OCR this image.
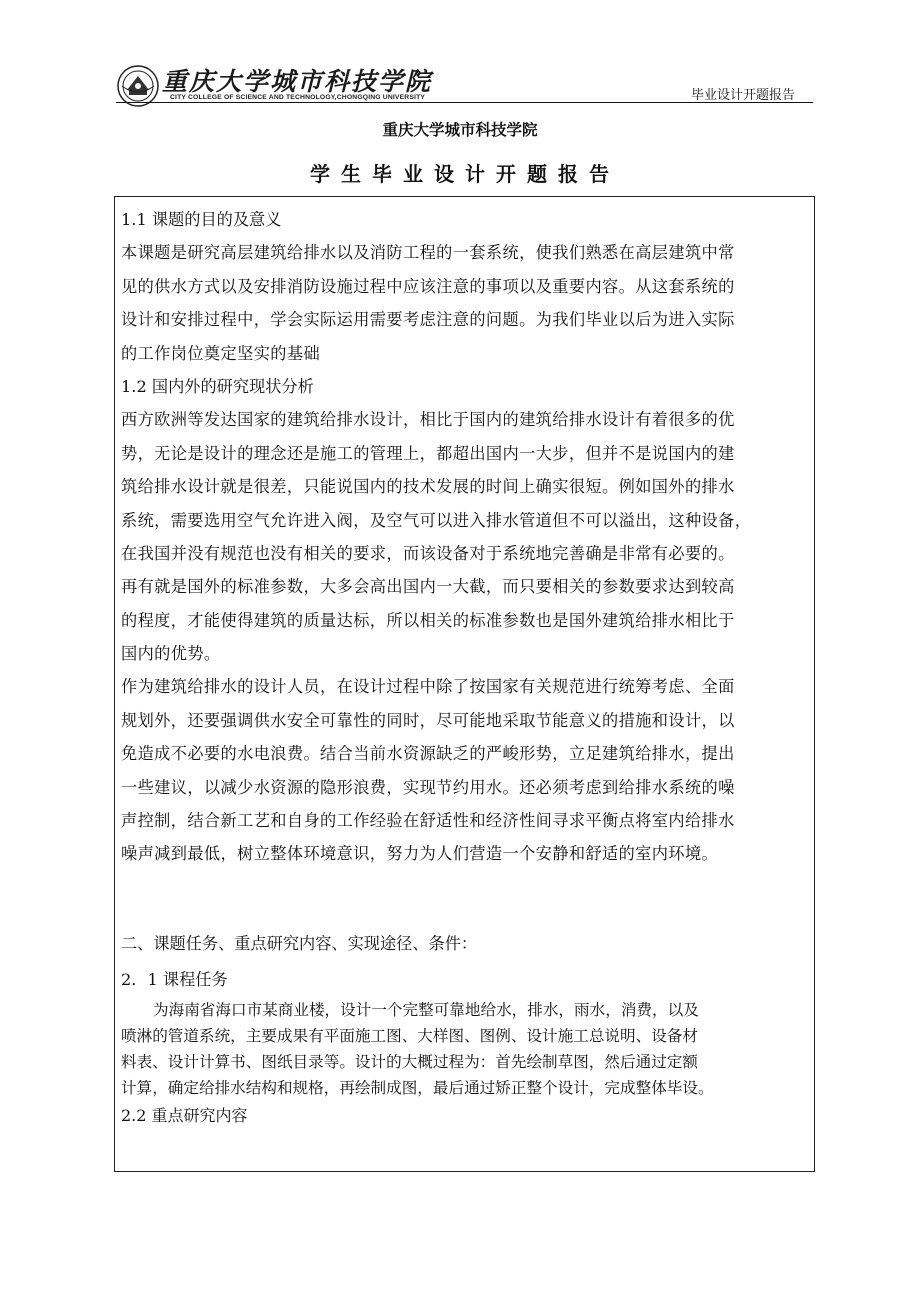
重庆大学城市科技学院
CITY COLLEGE OF SCIENCE AND TECHNOLOGY,CHONGQING UNIVERSITY	毕业设计开题报告
重庆大学城市科技学院
学生毕业设计开题报告
1.1 课题的目的及意义
本课题是研究高层建筑给排水以及消防工程的一套系统，使我们熟悉在高层建筑中常
见的供水方式以及安排消防设施过程中应该注意的事项以及重要内容。从这套系统的
设计和安排过程中，学会实际运用需要考虑注意的问题。为我们毕业以后为进入实际
的工作岗位奠定坚实的基础
1.2 国内外的研究现状分析
西方欧洲等发达国家的建筑给排水设计，相比于国内的建筑给排水设计有着很多的优
势，无论是设计的理念还是施工的管理上，都超出国内一大步，但并不是说国内的建
筑给排水设计就是很差，只能说国内的技术发展的时间上确实很短。例如国外的排水
系统，需要选用空气允许进入阀，及空气可以进入排水管道但不可以溢出，这种设备，
在我国并没有规范也没有相关的要求，而该设备对于系统地完善确是非常有必要的。
再有就是国外的标准参数，大多会高出国内一大截，而只要相关的参数要求达到较高
的程度，才能使得建筑的质量达标，所以相关的标准参数也是国外建筑给排水相比于
国内的优势。
作为建筑给排水的设计人员，在设计过程中除了按国家有关规范进行统筹考虑、全面
规划外，还要强调供水安全可靠性的同时，尽可能地采取节能意义的措施和设计，以
免造成不必要的水电浪费。结合当前水资源缺乏的严峻形势，立足建筑给排水，提出
一些建议，以减少水资源的隐形浪费，实现节约用水。还必须考虑到给排水系统的噪
声控制，结合新工艺和自身的工作经验在舒适性和经济性间寻求平衡点将室内给排水
噪声减到最低，树立整体环境意识，努力为人们营造一个安静和舒适的室内环境。
二、课题任务、重点研究内容、实现途径、条件：
2．1 课程任务
为海南省海口市某商业楼，设计一个完整可靠地给水，排水，雨水，消费，以及
喷淋的管道系统，主要成果有平面施工图、大样图、图例、设计施工总说明、设备材
料表、设计计算书、图纸目录等。设计的大概过程为：首先绘制草图，然后通过定额
计算，确定给排水结构和规格，再绘制成图，最后通过矫正整个设计，完成整体毕设。
2.2 重点研究内容
